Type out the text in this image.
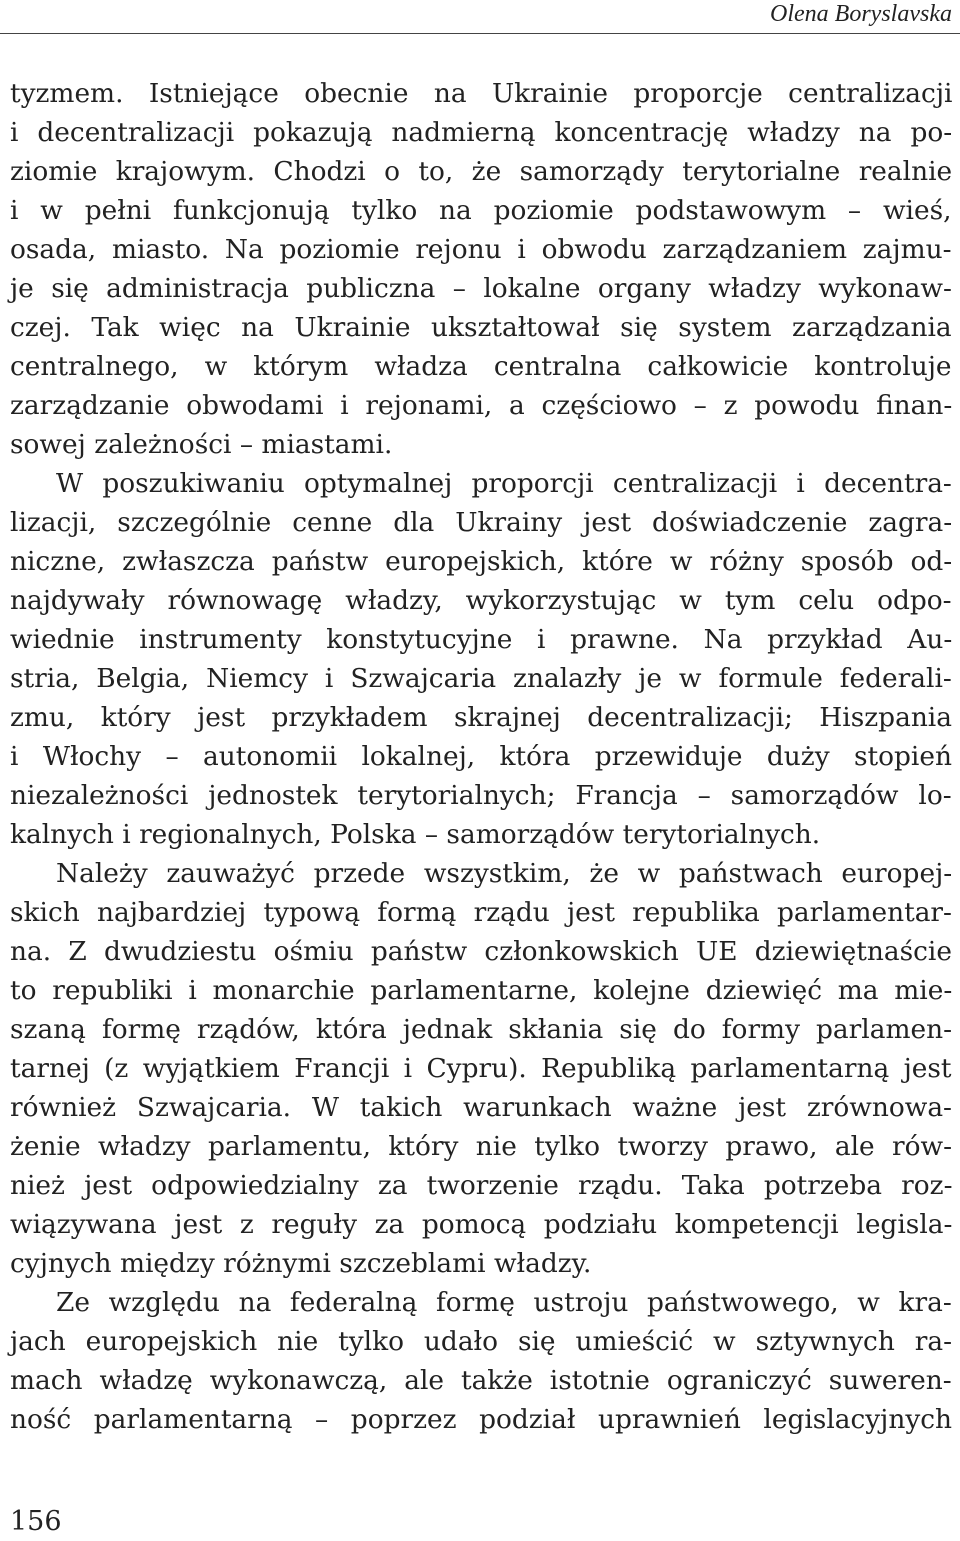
Olena Boryslavska

tyzmem. Istniejące obecnie na Ukrainie proporcje centralizacji
i decentralizacji pokazują nadmierną koncentrację władzy na po-
ziomie krajowym. Chodzi o to, że samorządy terytorialne realnie
i w pełni funkcjonują tylko na poziomie podstawowym – wieś,
osada, miasto. Na poziomie rejonu i obwodu zarządzaniem zajmu-
je się administracja publiczna – lokalne organy władzy wykonaw-
czej. Tak więc na Ukrainie ukształtował się system zarządzania
centralnego, w którym władza centralna całkowicie kontroluje
zarządzanie obwodami i rejonami, a częściowo – z powodu finan-
sowej zależności – miastami.

W poszukiwaniu optymalnej proporcji centralizacji i decentra-
lizacji, szczególnie cenne dla Ukrainy jest doświadczenie zagra-
niczne, zwłaszcza państw europejskich, które w różny sposób od-
najdywały równowagę władzy, wykorzystując w tym celu odpo-
wiednie instrumenty konstytucyjne i prawne. Na przykład Au-
stria, Belgia, Niemcy i Szwajcaria znalazły je w formule federali-
zmu, który jest przykładem skrajnej decentralizacji; Hiszpania
i Włochy – autonomii lokalnej, która przewiduje duży stopień
niezależności jednostek terytorialnych; Francja – samorządów lo-
kalnych i regionalnych, Polska – samorządów terytorialnych.

Należy zauważyć przede wszystkim, że w państwach europej-
skich najbardziej typową formą rządu jest republika parlamentar-
na. Z dwudziestu ośmiu państw członkowskich UE dziewiętnaście
to republiki i monarchie parlamentarne, kolejne dziewięć ma mie-
szaną formę rządów, która jednak skłania się do formy parlamen-
tarnej (z wyjątkiem Francji i Cypru). Republiką parlamentarną jest
również Szwajcaria. W takich warunkach ważne jest zrównowa-
żenie władzy parlamentu, który nie tylko tworzy prawo, ale rów-
nież jest odpowiedzialny za tworzenie rządu. Taka potrzeba roz-
wiązywana jest z reguły za pomocą podziału kompetencji legisla-
cyjnych między różnymi szczeblami władzy.

Ze względu na federalną formę ustroju państwowego, w kra-
jach europejskich nie tylko udało się umieścić w sztywnych ra-
mach władzę wykonawczą, ale także istotnie ograniczyć suweren-
ność parlamentarną – poprzez podział uprawnień legislacyjnych

156
